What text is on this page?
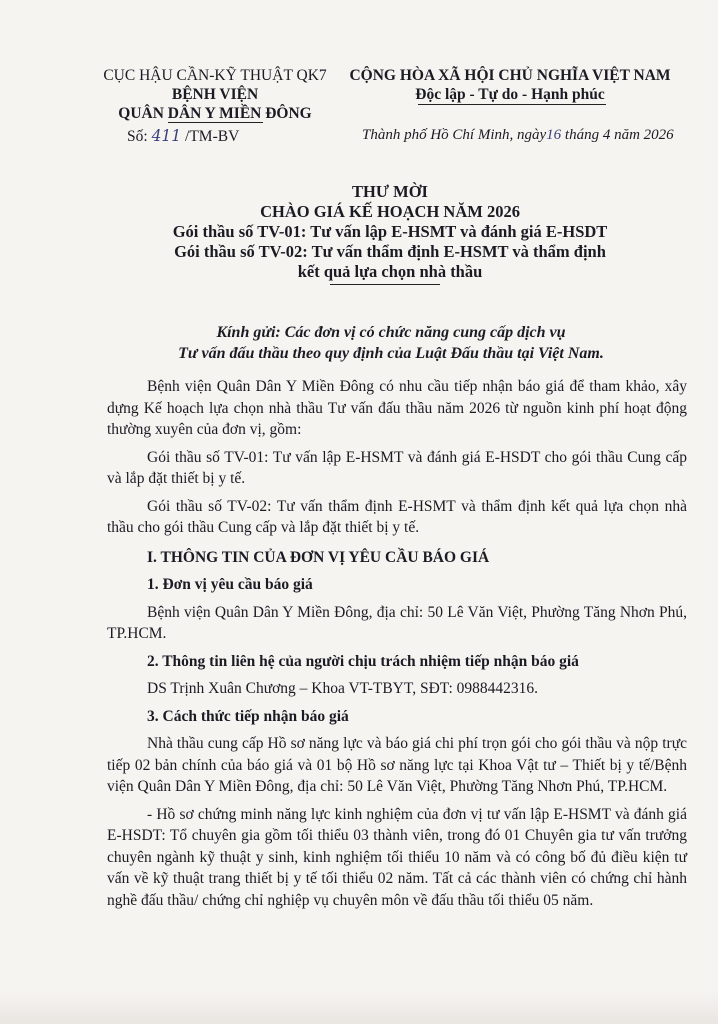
CỤC HẬU CẦN-KỸ THUẬT QK7
BỆNH VIỆN
QUÂN DÂN Y MIỀN ĐÔNG
Số: 411 /TM-BV
CỘNG HÒA XÃ HỘI CHỦ NGHĨA VIỆT NAM
Độc lập - Tự do - Hạnh phúc
Thành phố Hồ Chí Minh, ngày16 tháng 4 năm 2026
THƯ MỜI
CHÀO GIÁ KẾ HOẠCH NĂM 2026
Gói thầu số TV-01: Tư vấn lập E-HSMT và đánh giá E-HSDT
Gói thầu số TV-02: Tư vấn thẩm định E-HSMT và thẩm định
kết quả lựa chọn nhà thầu
Kính gửi: Các đơn vị có chức năng cung cấp dịch vụ
Tư vấn đấu thầu theo quy định của Luật Đấu thầu tại Việt Nam.

Bệnh viện Quân Dân Y Miền Đông có nhu cầu tiếp nhận báo giá để tham khảo, xây dựng Kế hoạch lựa chọn nhà thầu Tư vấn đấu thầu năm 2026 từ nguồn kinh phí hoạt động thường xuyên của đơn vị, gồm:

Gói thầu số TV-01: Tư vấn lập E-HSMT và đánh giá E-HSDT cho gói thầu Cung cấp và lắp đặt thiết bị y tế.

Gói thầu số TV-02: Tư vấn thẩm định E-HSMT và thẩm định kết quả lựa chọn nhà thầu cho gói thầu Cung cấp và lắp đặt thiết bị y tế.

I. THÔNG TIN CỦA ĐƠN VỊ YÊU CẦU BÁO GIÁ
1. Đơn vị yêu cầu báo giá

Bệnh viện Quân Dân Y Miền Đông, địa chỉ: 50 Lê Văn Việt, Phường Tăng Nhơn Phú, TP.HCM.

2. Thông tin liên hệ của người chịu trách nhiệm tiếp nhận báo giá

DS Trịnh Xuân Chương – Khoa VT-TBYT, SĐT: 0988442316.

3. Cách thức tiếp nhận báo giá

Nhà thầu cung cấp Hồ sơ năng lực và báo giá chi phí trọn gói cho gói thầu và nộp trực tiếp 02 bản chính của báo giá và 01 bộ Hồ sơ năng lực tại Khoa Vật tư – Thiết bị y tế/Bệnh viện Quân Dân Y Miền Đông, địa chỉ: 50 Lê Văn Việt, Phường Tăng Nhơn Phú, TP.HCM.

- Hồ sơ chứng minh năng lực kinh nghiệm của đơn vị tư vấn lập E-HSMT và đánh giá E-HSDT: Tổ chuyên gia gồm tối thiểu 03 thành viên, trong đó 01 Chuyên gia tư vấn trưởng chuyên ngành kỹ thuật y sinh, kinh nghiệm tối thiểu 10 năm và có công bố đủ điều kiện tư vấn về kỹ thuật trang thiết bị y tế tối thiểu 02 năm. Tất cả các thành viên có chứng chỉ hành nghề đấu thầu/ chứng chỉ nghiệp vụ chuyên môn về đấu thầu tối thiểu 05 năm.
